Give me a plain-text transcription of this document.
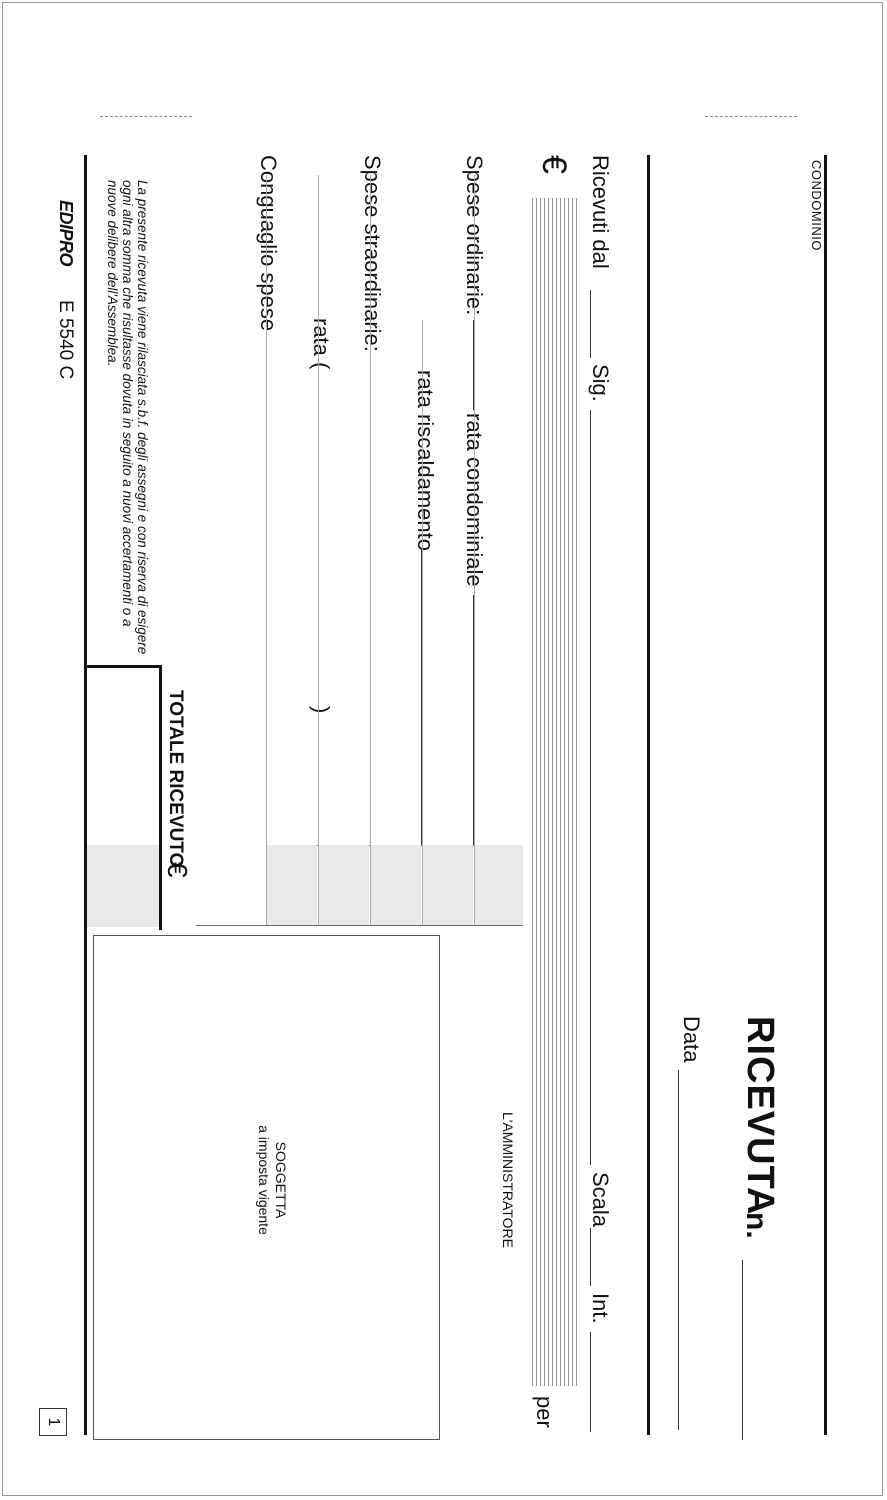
CONDOMINIO
RICEVUTA
n.
Data
Ricevuti dal
Sig.
Scala
Int.
€
per
Spese ordinarie:
rata condominiale
rata riscaldamento
Spese straordinarie:
rata (
)
Conguaglio spese
TOTALE RICEVUTO
€
La presente ricevuta viene rilasciata s.b.f. degli assegni e con riserva di esigere ogni altra somma che risultasse dovuta in seguito a nuovi accertamenti o a nuove delibere dell'Assemblea.
L'AMMINISTRATORE
SOGGETTA
a imposta vigente
EDIPRO
E 5540 C
1
